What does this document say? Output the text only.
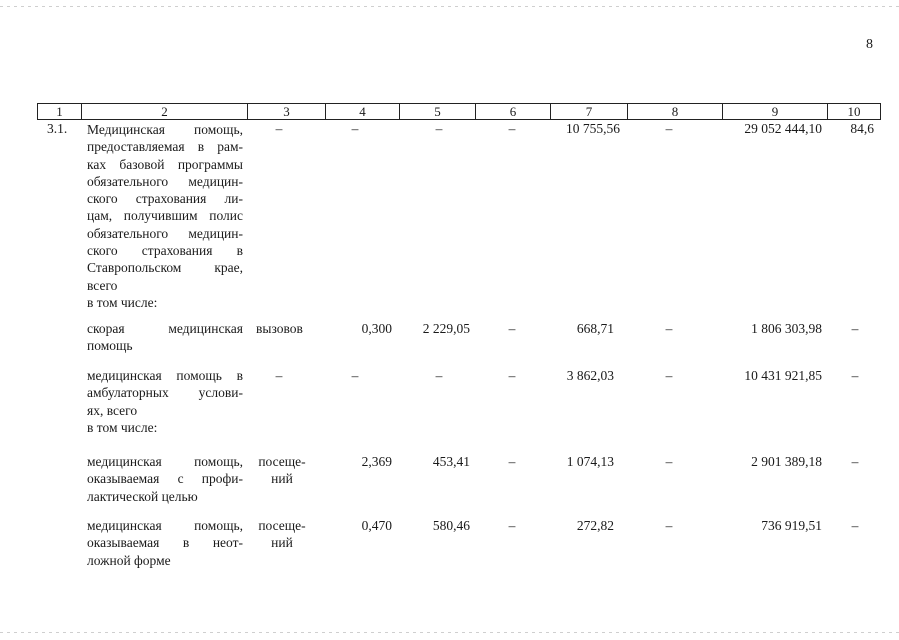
8
1	2	3	4	5	6	7	8	9	10
3.1. Медицинская помощь,
предоставляемая в рам-
ках базовой программы
обязательного медицин-
ского страхования ли-
цам, получившим полис
обязательного медицин-
ского страхования в
Ставропольском крае,
всего
в том числе:
–	–	–	–	10 755,56	–	29 052 444,10	84,6
скорая медицинская
помощь
вызовов	0,300	2 229,05	–	668,71	–	1 806 303,98	–
медицинская помощь в
амбулаторных услови-
ях, всего
в том числе:
–	–	–	–	3 862,03	–	10 431 921,85	–
медицинская помощь,
оказываемая с профи-
лактической целью
посеще-
ний
2,369	453,41	–	1 074,13	–	2 901 389,18	–
медицинская помощь,
оказываемая в неот-
ложной форме
посеще-
ний
0,470	580,46	–	272,82	–	736 919,51	–
